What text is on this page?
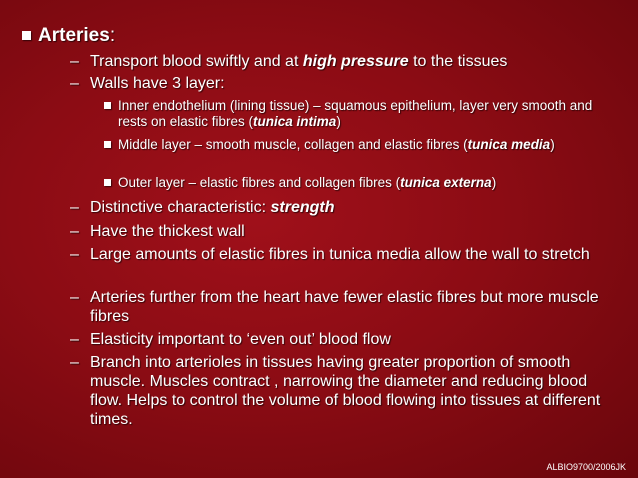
Arteries:
– Transport blood swiftly and at high pressure to the tissues
– Walls have 3 layer:
Inner endothelium (lining tissue) – squamous epithelium, layer very smooth and rests on elastic fibres (tunica intima)
Middle layer – smooth muscle, collagen and elastic fibres (tunica media)
Outer layer – elastic fibres and collagen fibres (tunica externa)
– Distinctive characteristic: strength
– Have the thickest wall
– Large amounts of elastic fibres in tunica media allow the wall to stretch
– Arteries further from the heart have fewer elastic fibres but more muscle fibres
– Elasticity important to ‘even out’ blood flow
– Branch into arterioles in tissues having greater proportion of smooth muscle. Muscles contract , narrowing the diameter and reducing blood flow. Helps to control the volume of blood flowing into tissues at different times.
ALBIO9700/2006JK
